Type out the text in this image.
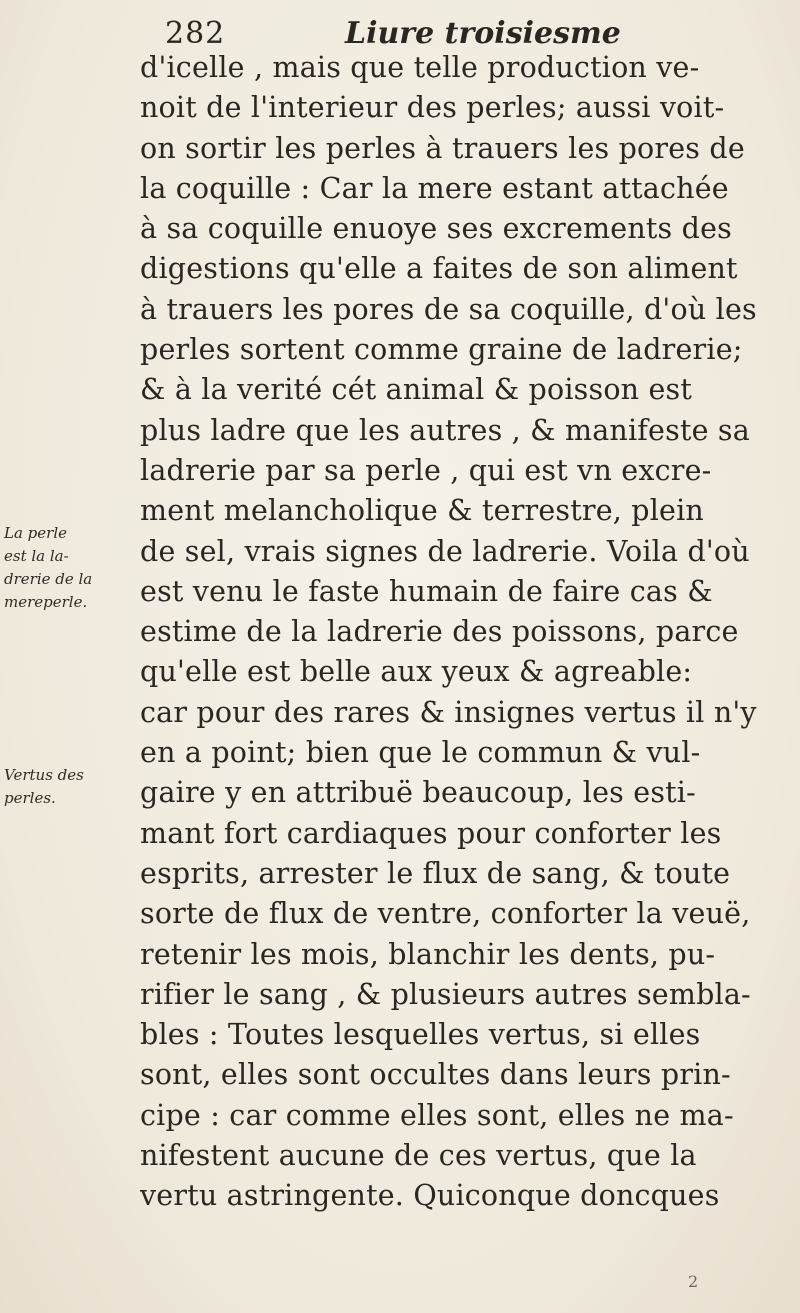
282	Liure troisiesme
d'icelle , mais que telle production ve-
noit de l'interieur des perles; aussi voit-
on sortir les perles à trauers les pores de
la coquille : Car la mere estant attachée
à sa coquille enuoye ses excrements des
digestions qu'elle a faites de son aliment
à trauers les pores de sa coquille, d'où les
perles sortent comme graine de ladrerie;
& à la verité cét animal & poisson est
plus ladre que les autres , & manifeste sa
ladrerie par sa perle , qui est vn excre-
ment melancholique & terrestre, plein
de sel, vrais signes de ladrerie. Voila d'où
est venu le faste humain de faire cas &
estime de la ladrerie des poissons, parce
qu'elle est belle aux yeux & agreable:
car pour des rares & insignes vertus il n'y
en a point; bien que le commun & vul-
gaire y en attribuë beaucoup, les esti-
mant fort cardiaques pour conforter les
esprits, arrester le flux de sang, & toute
sorte de flux de ventre, conforter la veuë,
retenir les mois, blanchir les dents, pu-
rifier le sang , & plusieurs autres sembla-
bles : Toutes lesquelles vertus, si elles
sont, elles sont occultes dans leurs prin-
cipe : car comme elles sont, elles ne ma-
nifestent aucune de ces vertus, que la
vertu astringente. Quiconque doncques
La perle
est la la-
drerie de la
mereperle.
Vertus des
perles.
2
